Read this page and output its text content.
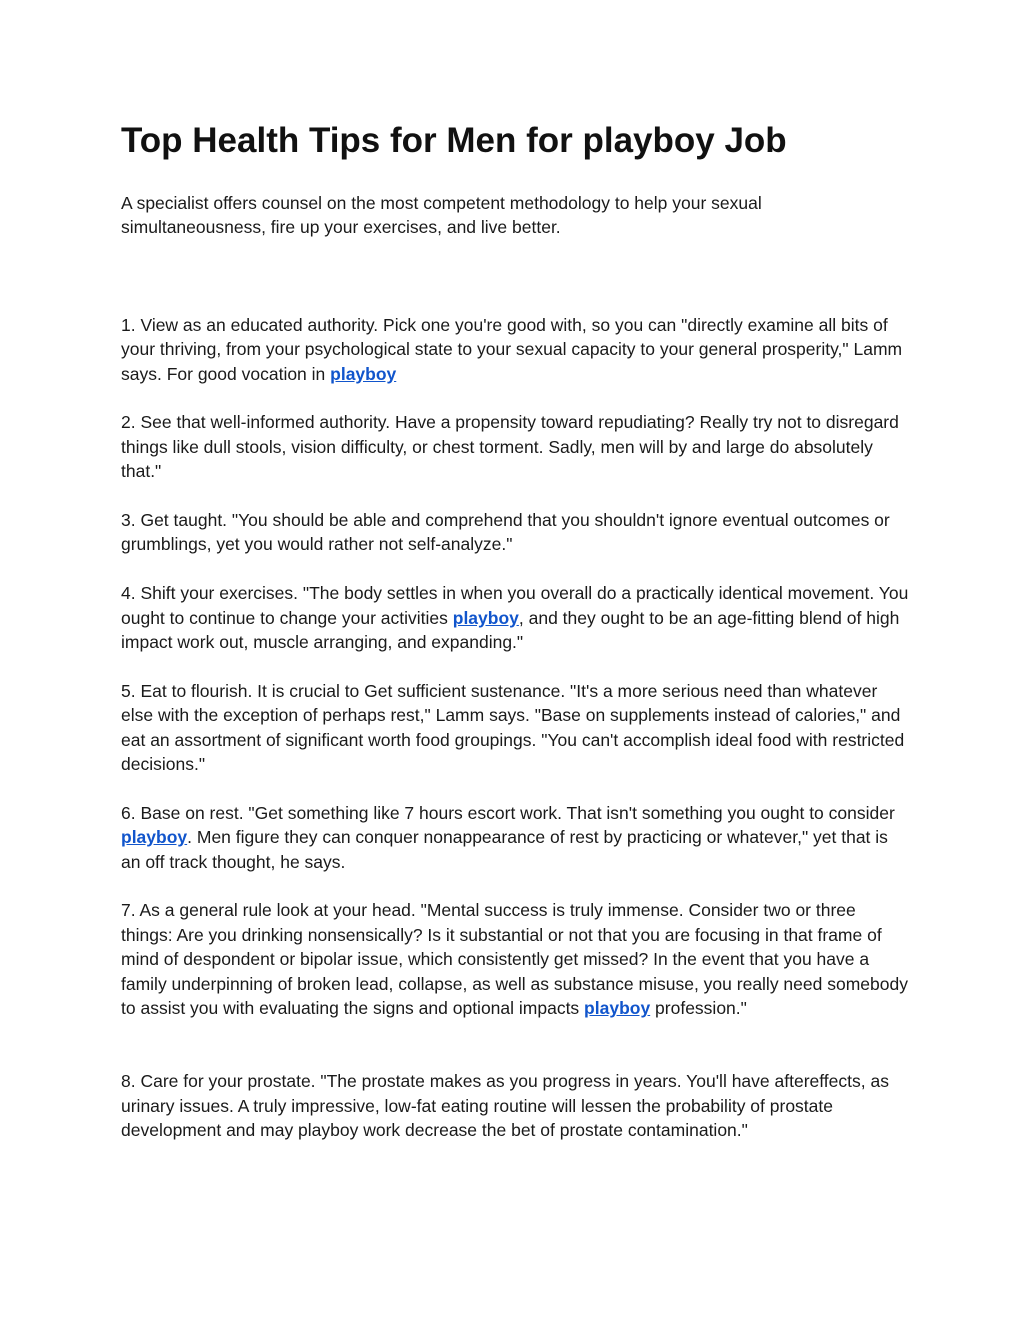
Top Health Tips for Men for playboy Job

A specialist offers counsel on the most competent methodology to help your sexual simultaneousness, fire up your exercises, and live better.

1. View as an educated authority. Pick one you're good with, so you can "directly examine all bits of your thriving, from your psychological state to your sexual capacity to your general prosperity," Lamm says. For good vocation in playboy

2. See that well-informed authority. Have a propensity toward repudiating? Really try not to disregard things like dull stools, vision difficulty, or chest torment. Sadly, men will by and large do absolutely that."

3. Get taught. "You should be able and comprehend that you shouldn't ignore eventual outcomes or grumblings, yet you would rather not self-analyze."

4. Shift your exercises. "The body settles in when you overall do a practically identical movement. You ought to continue to change your activities playboy, and they ought to be an age-fitting blend of high impact work out, muscle arranging, and expanding."

5. Eat to flourish. It is crucial to Get sufficient sustenance. "It's a more serious need than whatever else with the exception of perhaps rest," Lamm says. "Base on supplements instead of calories," and eat an assortment of significant worth food groupings. "You can't accomplish ideal food with restricted decisions."

6. Base on rest. "Get something like 7 hours escort work. That isn't something you ought to consider playboy. Men figure they can conquer nonappearance of rest by practicing or whatever," yet that is an off track thought, he says.

7. As a general rule look at your head. "Mental success is truly immense. Consider two or three things: Are you drinking nonsensically? Is it substantial or not that you are focusing in that frame of mind of despondent or bipolar issue, which consistently get missed? In the event that you have a family underpinning of broken lead, collapse, as well as substance misuse, you really need somebody to assist you with evaluating the signs and optional impacts playboy profession."

8. Care for your prostate. "The prostate makes as you progress in years. You'll have aftereffects, as urinary issues. A truly impressive, low-fat eating routine will lessen the probability of prostate development and may playboy work decrease the bet of prostate contamination."
